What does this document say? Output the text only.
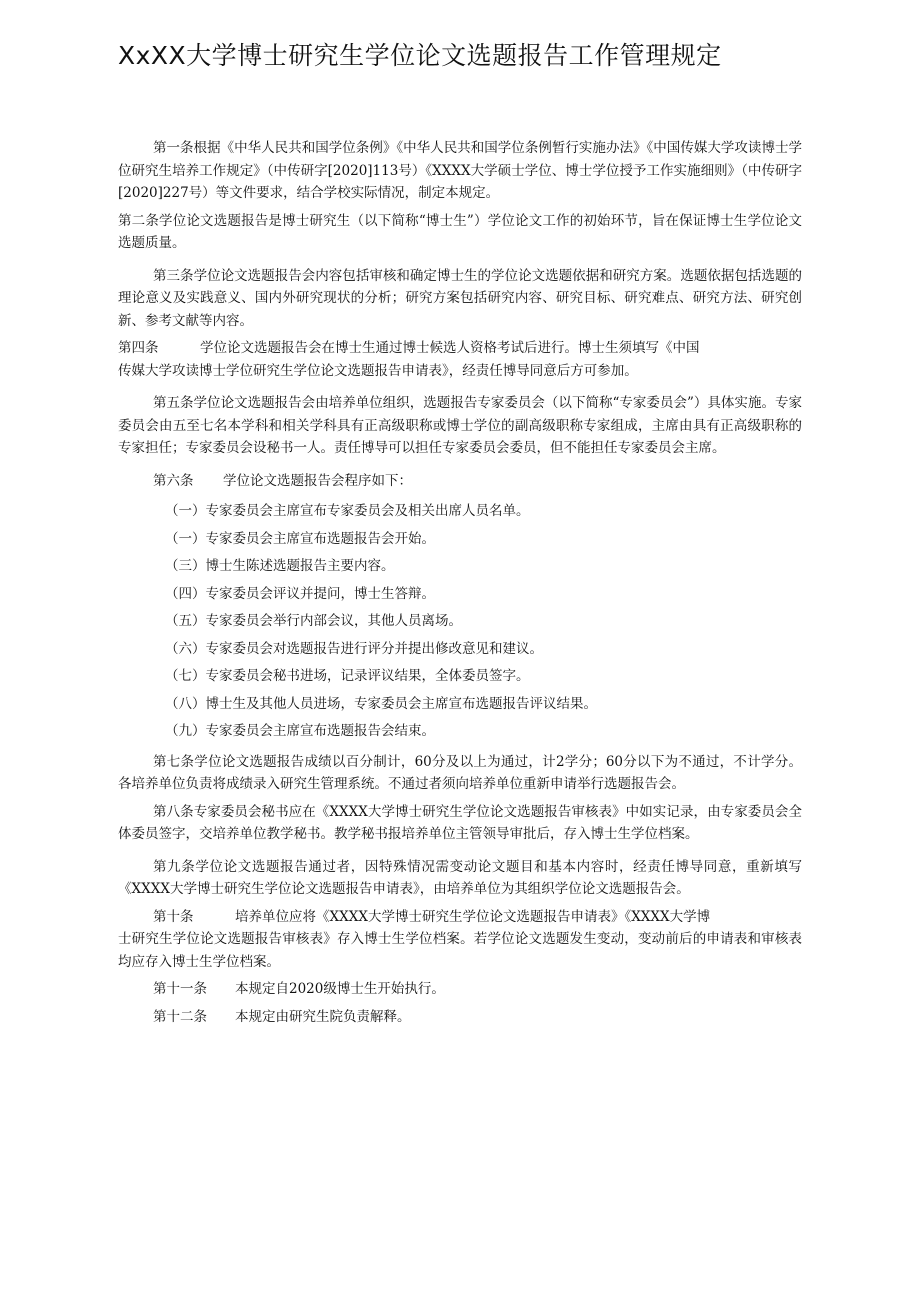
XxXX大学博士研究生学位论文选题报告工作管理规定

第一条根据《中华人民共和国学位条例》《中华人民共和国学位条例暂行实施办法》《中国传媒大学攻读博士学位研究生培养工作规定》（中传研字[2020]113号）《XXXX大学硕士学位、博士学位授予工作实施细则》（中传研字[2020]227号）等文件要求，结合学校实际情况，制定本规定。

第二条学位论文选题报告是博士研究生（以下简称“博士生”）学位论文工作的初始环节，旨在保证博士生学位论文选题质量。

第三条学位论文选题报告会内容包括审核和确定博士生的学位论文选题依据和研究方案。选题依据包括选题的理论意义及实践意义、国内外研究现状的分析；研究方案包括研究内容、研究目标、研究难点、研究方法、研究创新、参考文献等内容。

第四条	学位论文选题报告会在博士生通过博士候选人资格考试后进行。博士生须填写《中国
传媒大学攻读博士学位研究生学位论文选题报告申请表》，经责任博导同意后方可参加。

第五条学位论文选题报告会由培养单位组织，选题报告专家委员会（以下简称“专家委员会”）具体实施。专家委员会由五至七名本学科和相关学科具有正高级职称或博士学位的副高级职称专家组成，主席由具有正高级职称的专家担任；专家委员会设秘书一人。责任博导可以担任专家委员会委员，但不能担任专家委员会主席。

第六条 学位论文选题报告会程序如下：

（一）专家委员会主席宣布专家委员会及相关出席人员名单。

（一）专家委员会主席宣布选题报告会开始。

（三）博士生陈述选题报告主要内容。

（四）专家委员会评议并提问，博士生答辩。

（五）专家委员会举行内部会议，其他人员离场。

（六）专家委员会对选题报告进行评分并提出修改意见和建议。

（七）专家委员会秘书进场，记录评议结果，全体委员签字。

（八）博士生及其他人员进场，专家委员会主席宣布选题报告评议结果。

（九）专家委员会主席宣布选题报告会结束。

第七条学位论文选题报告成绩以百分制计，60分及以上为通过，计2学分；60分以下为不通过，不计学分。各培养单位负责将成绩录入研究生管理系统。不通过者须向培养单位重新申请举行选题报告会。

第八条专家委员会秘书应在《XXXX大学博士研究生学位论文选题报告审核表》中如实记录，由专家委员会全体委员签字，交培养单位教学秘书。教学秘书报培养单位主管领导审批后，存入博士生学位档案。

第九条学位论文选题报告通过者，因特殊情况需变动论文题目和基本内容时，经责任博导同意，重新填写《XXXX大学博士研究生学位论文选题报告申请表》，由培养单位为其组织学位论文选题报告会。

第十条	培养单位应将《XXXX大学博士研究生学位论文选题报告申请表》《XXXX大学博
士研究生学位论文选题报告审核表》存入博士生学位档案。若学位论文选题发生变动，变动前后的申请表和审核表均应存入博士生学位档案。
第十一条 本规定自2020级博士生开始执行。
第十二条 本规定由研究生院负责解释。
